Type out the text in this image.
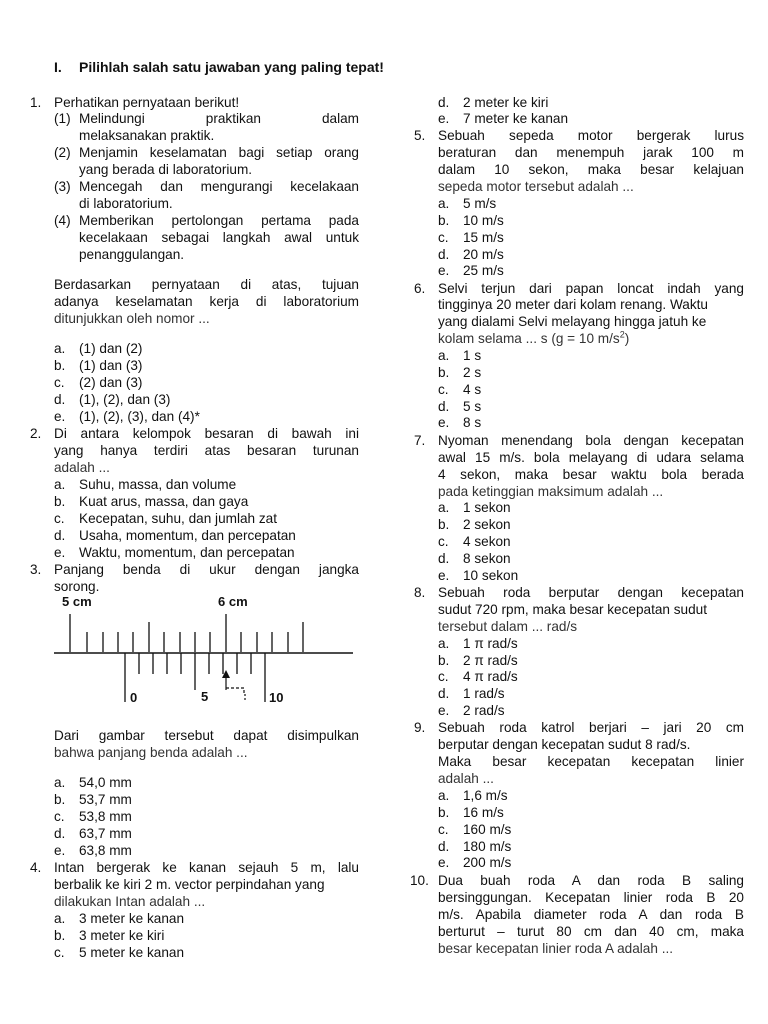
I. Pilihlah salah satu jawaban yang paling tepat!
1. Perhatikan pernyataan berikut!
(1) Melindungi praktikan dalam
melaksanakan praktik.
(2) Menjamin keselamatan bagi setiap orang
yang berada di laboratorium.
(3) Mencegah dan mengurangi kecelakaan
di laboratorium.
(4) Memberikan pertolongan pertama pada
kecelakaan sebagai langkah awal untuk
penanggulangan.
Berdasarkan pernyataan di atas, tujuan
adanya keselamatan kerja di laboratorium
ditunjukkan oleh nomor ...
a. (1) dan (2)
b. (1) dan (3)
c. (2) dan (3)
d. (1), (2), dan (3)
e. (1), (2), (3), dan (4)*
2. Di antara kelompok besaran di bawah ini
yang hanya terdiri atas besaran turunan
adalah ...
a. Suhu, massa, dan volume
b. Kuat arus, massa, dan gaya
c. Kecepatan, suhu, dan jumlah zat
d. Usaha, momentum, dan percepatan
e. Waktu, momentum, dan percepatan
3. Panjang benda di ukur dengan jangka
sorong.
5 cm	6 cm
0	5	10
Dari gambar tersebut dapat disimpulkan
bahwa panjang benda adalah ...
a. 54,0 mm
b. 53,7 mm
c. 53,8 mm
d. 63,7 mm
e. 63,8 mm
4. Intan bergerak ke kanan sejauh 5 m, lalu
berbalik ke kiri 2 m. vector perpindahan yang
dilakukan Intan adalah ...
a. 3 meter ke kanan
b. 3 meter ke kiri
c. 5 meter ke kanan
d. 2 meter ke kiri
e. 7 meter ke kanan
5. Sebuah sepeda motor bergerak lurus
beraturan dan menempuh jarak 100 m
dalam 10 sekon, maka besar kelajuan
sepeda motor tersebut adalah ...
a. 5 m/s
b. 10 m/s
c. 15 m/s
d. 20 m/s
e. 25 m/s
6. Selvi terjun dari papan loncat indah yang
tingginya 20 meter dari kolam renang. Waktu
yang dialami Selvi melayang hingga jatuh ke
kolam selama ... s (g = 10 $m/s^2$)
a. 1 s
b. 2 s
c. 4 s
d. 5 s
e. 8 s
7. Nyoman menendang bola dengan kecepatan
awal 15 m/s. bola melayang di udara selama
4 sekon, maka besar waktu bola berada
pada ketinggian maksimum adalah ...
a. 1 sekon
b. 2 sekon
c. 4 sekon
d. 8 sekon
e. 10 sekon
8. Sebuah roda berputar dengan kecepatan
sudut 720 rpm, maka besar kecepatan sudut
tersebut dalam ... rad/s
a. 1 π rad/s
b. 2 π rad/s
c. 4 π rad/s
d. 1 rad/s
e. 2 rad/s
9. Sebuah roda katrol berjari – jari 20 cm
berputar dengan kecepatan sudut 8 rad/s.
Maka besar kecepatan kecepatan linier
adalah ...
a. 1,6 m/s
b. 16 m/s
c. 160 m/s
d. 180 m/s
e. 200 m/s
10. Dua buah roda A dan roda B saling
bersinggungan. Kecepatan linier roda B 20
m/s. Apabila diameter roda A dan roda B
berturut – turut 80 cm dan 40 cm, maka
besar kecepatan linier roda A adalah ...
